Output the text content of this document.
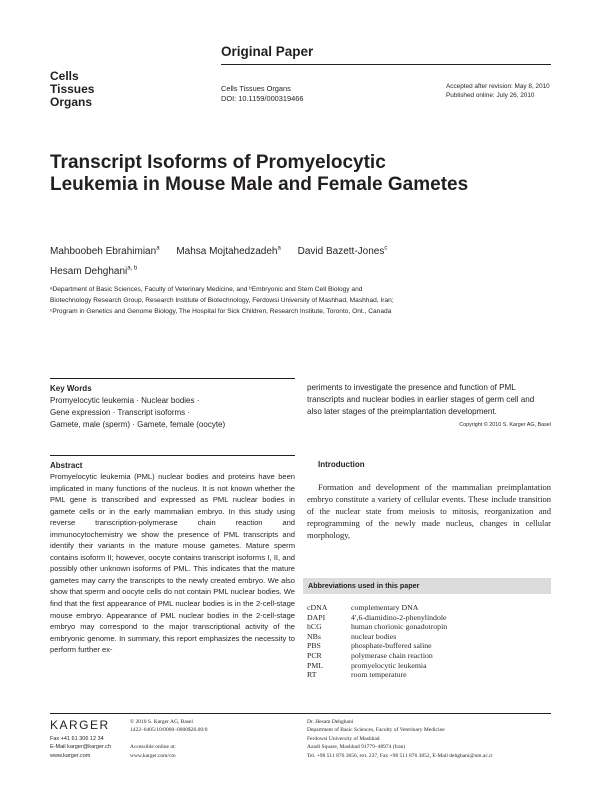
Original Paper
Cells
Tissues
Organs
Cells Tissues Organs
DOI: 10.1159/000319466
Accepted after revision: May 8, 2010
Published online: July 26, 2010
Transcript Isoforms of Promyelocytic Leukemia in Mouse Male and Female Gametes
Mahboobeh Ebrahimian$^a$ Mahsa Mojtahedzadeh$^a$ David Bazett-Jones$^c$
Hesam Dehghani$^{a, b}$
ᵃDepartment of Basic Sciences, Faculty of Veterinary Medicine, and ᵇEmbryonic and Stem Cell Biology and
Biotechnology Research Group, Research Institute of Biotechnology, Ferdowsi University of Mashhad, Mashhad, Iran;
ᶜProgram in Genetics and Genome Biology, The Hospital for Sick Children, Research Institute, Toronto, Ont., Canada
Key Words
Promyelocytic leukemia · Nuclear bodies ·
Gene expression · Transcript isoforms ·
Gamete, male (sperm) · Gamete, female (oocyte)
periments to investigate the presence and function of PML transcripts and nuclear bodies in earlier stages of germ cell and also later stages of the preimplantation development.
Copyright © 2010 S. Karger AG, Basel
Abstract
Promyelocytic leukemia (PML) nuclear bodies and proteins have been implicated in many functions of the nucleus. It is not known whether the PML gene is transcribed and expressed as PML nuclear bodies in gamete cells or in the early mammalian embryo. In this study using reverse transcription-polymerase chain reaction and immunocytochemistry we show the presence of PML transcripts and identify their variants in the mature mouse gametes. Mature sperm contains isoform II; however, oocyte contains transcript isoforms I, II, and possibly other unknown isoforms of PML. This indicates that the mature gametes may carry the transcripts to the newly created embryo. We also show that sperm and oocyte cells do not contain PML nuclear bodies. We find that the first appearance of PML nuclear bodies is in the 2-cell-stage mouse embryo. Appearance of PML nuclear bodies in the 2-cell-stage embryo may correspond to the major transcriptional activity of the embryonic genome. In summary, this report emphasizes the necessity to perform further ex-
Introduction
Formation and development of the mammalian preimplantation embryo constitute a variety of cellular events. These include transition of the nuclear state from meiosis to mitosis, reorganization and reprogramming of the newly made nucleus, changes in cellular morphology,
Abbreviations used in this paper
cDNA	complementary DNA
DAPI	4′,6-diamidino-2-phenylindole
hCG	human chorionic gonadotropin
NBs	nuclear bodies
PBS	phosphate-buffered saline
PCR	polymerase chain reaction
PML	promyelocytic leukemia
RT	room temperature
KARGER
Fax +41 61 306 12 34
E-Mail karger@karger.ch
www.karger.com
© 2010 S. Karger AG, Basel
1422–6405/10/0000–0000$26.00/0

Accessible online at:
www.karger.com/cto
Dr. Hesam Dehghani
Department of Basic Sciences, Faculty of Veterinary Medicine
Ferdowsi University of Mashhad
Azadi Square, Mashhad 91779–48974 (Iran)
Tel. +98 511 876 3656, ext. 237, Fax +98 511 876 3852, E-Mail dehghani@um.ac.ir
